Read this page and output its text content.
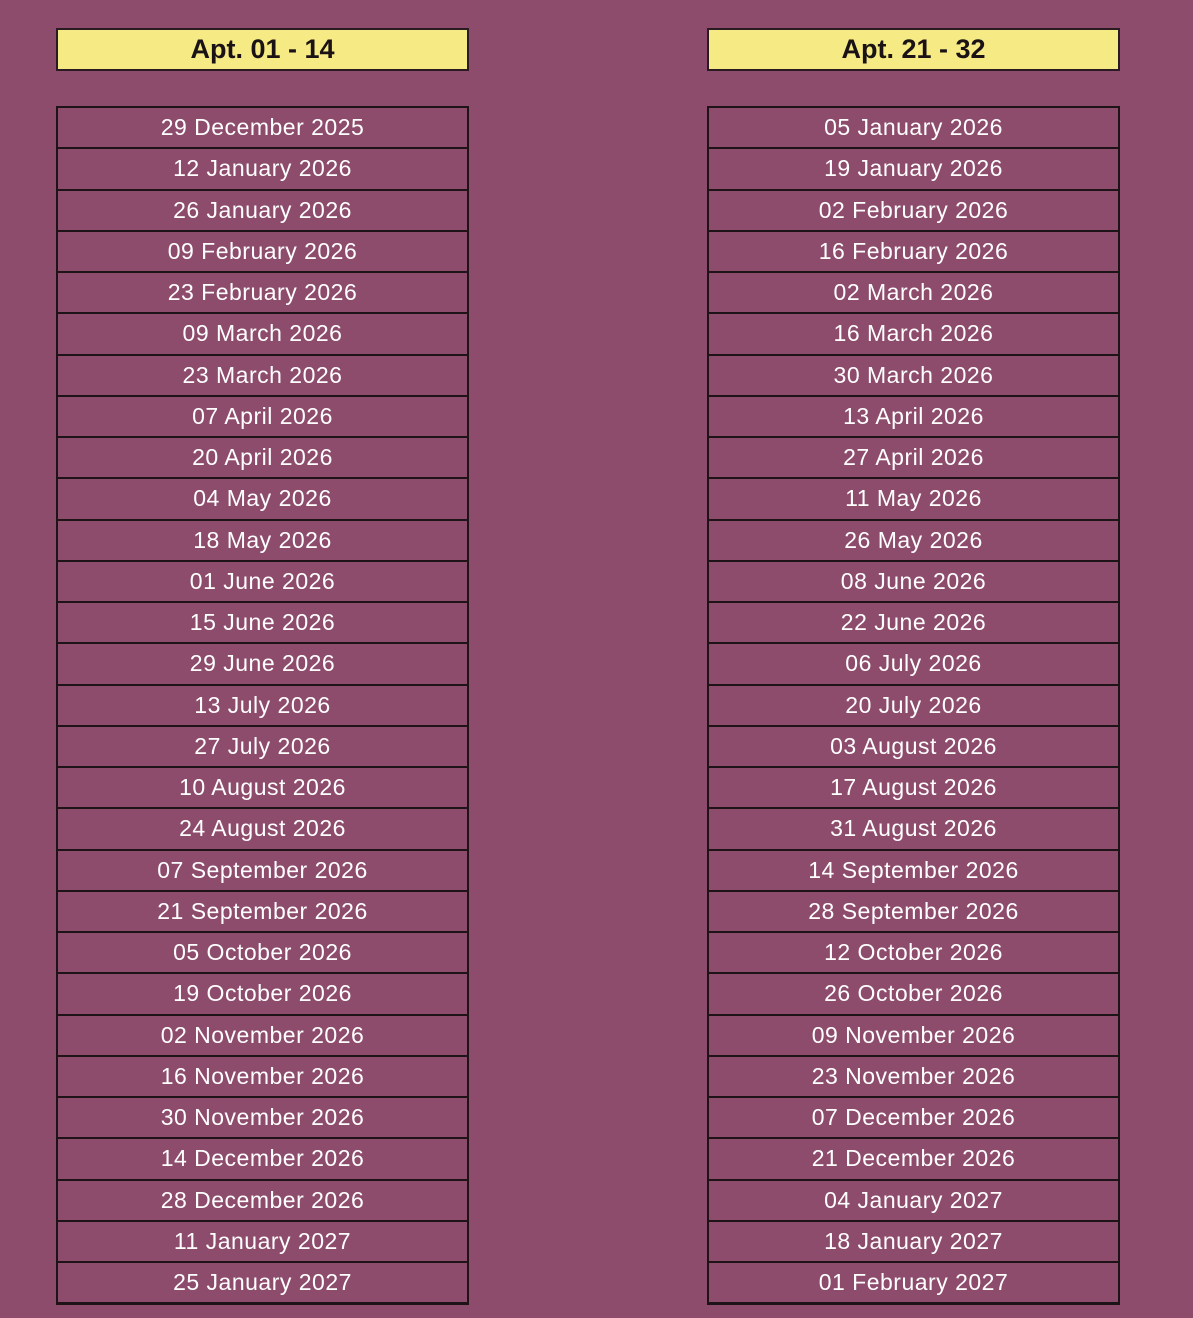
Apt. 01 - 14
29 December 2025
12 January 2026
26 January 2026
09 February 2026
23 February 2026
09 March 2026
23 March 2026
07 April 2026
20 April 2026
04 May 2026
18 May 2026
01 June 2026
15 June 2026
29 June 2026
13 July 2026
27 July 2026
10 August 2026
24 August 2026
07 September 2026
21 September 2026
05 October 2026
19 October 2026
02 November 2026
16 November 2026
30 November 2026
14 December 2026
28 December 2026
11 January 2027
25 January 2027
Apt. 21 - 32
05 January 2026
19 January 2026
02 February 2026
16 February 2026
02 March 2026
16 March 2026
30 March 2026
13 April 2026
27 April 2026
11 May 2026
26 May 2026
08 June 2026
22 June 2026
06 July 2026
20 July 2026
03 August 2026
17 August 2026
31 August 2026
14 September 2026
28 September 2026
12 October 2026
26 October 2026
09 November 2026
23 November 2026
07 December 2026
21 December 2026
04 January 2027
18 January 2027
01 February 2027
